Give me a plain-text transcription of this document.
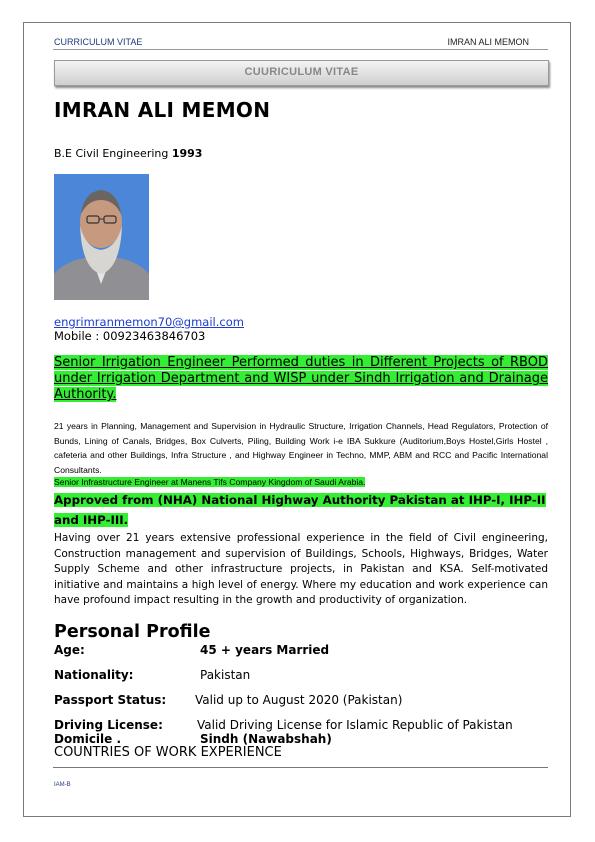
CURRICULUM VITAE	IMRAN ALI MEMON
CUURICULUM VITAE
IMRAN ALI MEMON
B.E Civil Engineering 1993
engrimranmemon70@gmail.com
Mobile : 00923463846703
Senior Irrigation Engineer Performed duties in Different Projects of RBOD under Irrigation Department and WISP under Sindh Irrigation and Drainage Authority.
21 years in Planning, Management and Supervision in Hydraulic Structure, Irrigation Channels, Head Regulators, Protection of Bunds, Lining of Canals, Bridges, Box Culverts, Piling, Building Work i-e IBA Sukkure (Auditorium,Boys Hostel,Girls Hostel , cafeteria and other Buildings, Infra Structure , and Highway Engineer in Techno, MMP, ABM and RCC and Pacific International Consultants.
Senior Infrastructure Engineer at Manens Tifs Company Kingdom of Saudi Arabia.
Approved from (NHA) National Highway Authority Pakistan at IHP-I, IHP-II and IHP-III.
Having over 21 years extensive professional experience in the field of Civil engineering, Construction management and supervision of Buildings, Schools, Highways, Bridges, Water Supply Scheme and other infrastructure projects, in Pakistan and KSA. Self-motivated initiative and maintains a high level of energy. Where my education and work experience can have profound impact resulting in the growth and productivity of organization.
Personal Profile
Age:	45 + years Married
Nationality:	Pakistan
Passport Status: Valid up to August 2020 (Pakistan)
Driving License:	Valid Driving License for Islamic Republic of Pakistan
Domicile .	Sindh (Nawabshah)
COUNTRIES OF WORK EXPERIENCE
IAM-B
